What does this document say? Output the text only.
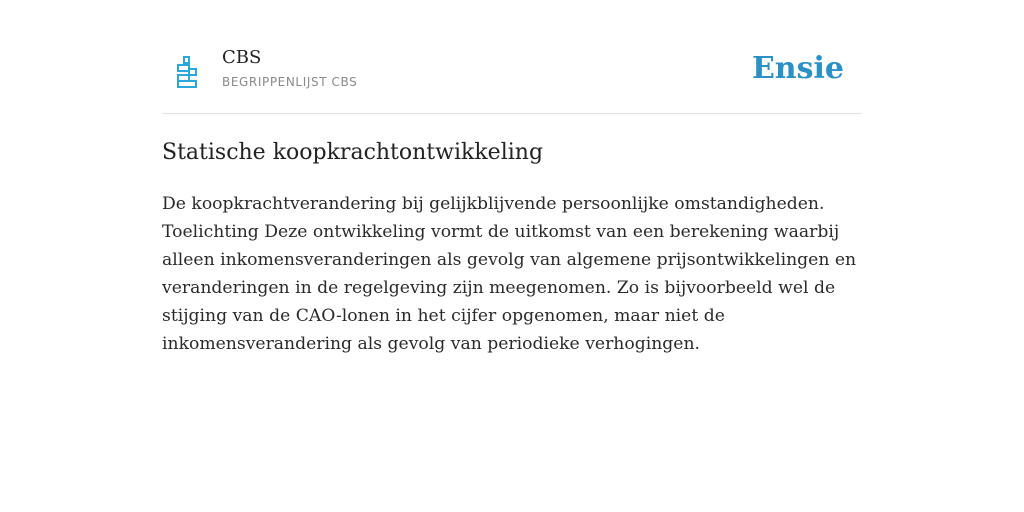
CBS
BEGRIPPENLIJST CBS	Ensie
Statische koopkrachtontwikkeling

De koopkrachtverandering bij gelijkblijvende persoonlijke omstandigheden. Toelichting Deze ontwikkeling vormt de uitkomst van een berekening waarbij alleen inkomensveranderingen als gevolg van algemene prijsontwikkelingen en veranderingen in de regelgeving zijn meegenomen. Zo is bijvoorbeeld wel de stijging van de CAO-lonen in het cijfer opgenomen, maar niet de inkomensverandering als gevolg van periodieke verhogingen.
